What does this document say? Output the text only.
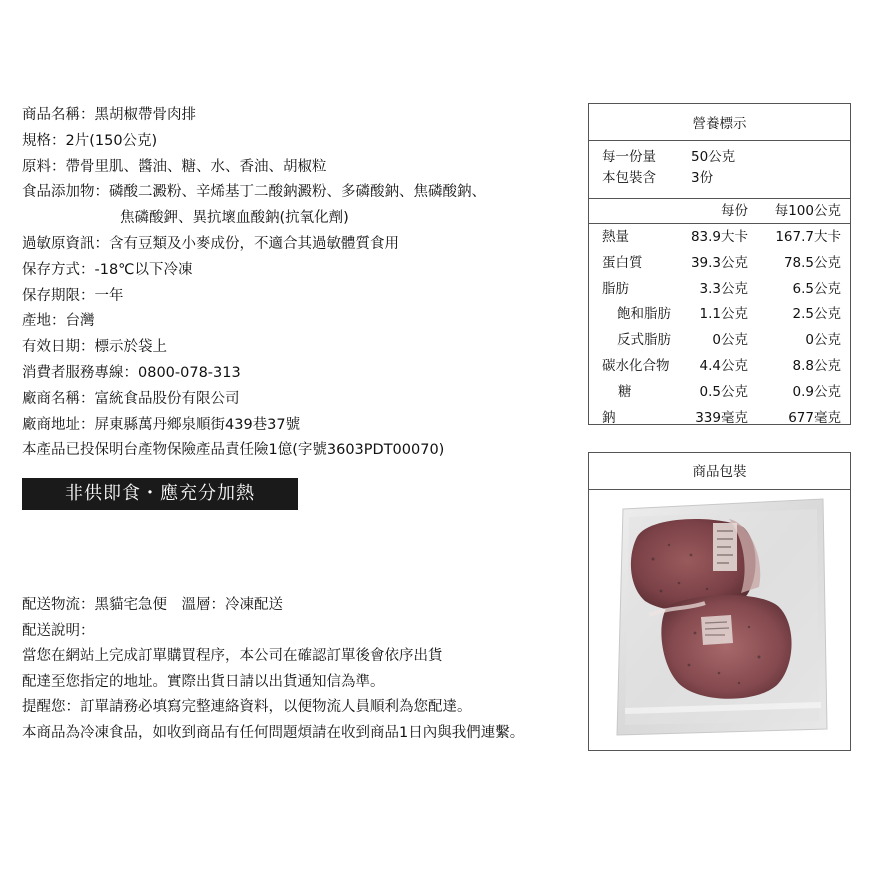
商品名稱：黑胡椒帶骨肉排
規格：2片(150公克)
原料：帶骨里肌、醬油、糖、水、香油、胡椒粒
食品添加物：磷酸二澱粉、辛烯基丁二酸鈉澱粉、多磷酸鈉、焦磷酸鈉、
焦磷酸鉀、異抗壞血酸鈉(抗氧化劑)
過敏原資訊：含有豆類及小麥成份，不適合其過敏體質食用
保存方式：-18℃以下冷凍
保存期限：一年
產地：台灣
有效日期：標示於袋上
消費者服務專線：0800-078-313
廠商名稱：富統食品股份有限公司
廠商地址：屏東縣萬丹鄉泉順街439巷37號
本產品已投保明台產物保險產品責任險1億(字號3603PDT00070)
非供即食・應充分加熱
配送物流：黑貓宅急便　溫層：冷凍配送
配送說明：
當您在網站上完成訂單購買程序，本公司在確認訂單後會依序出貨
配達至您指定的地址。實際出貨日請以出貨通知信為準。
提醒您：訂單請務必填寫完整連絡資料，以便物流人員順利為您配達。
本商品為冷凍食品，如收到商品有任何問題煩請在收到商品1日內與我們連繫。
營養標示
每一份量	50公克
本包裝含	3份
每份 每100公克
熱量	83.9大卡 167.7大卡
蛋白質	39.3公克	78.5公克
脂肪	3.3公克	6.5公克
飽和脂肪 1.1公克	2.5公克
反式脂肪	0公克	0公克
碳水化合物 4.4公克	8.8公克
糖	0.5公克	0.9公克
鈉	339毫克	677毫克
商品包裝
